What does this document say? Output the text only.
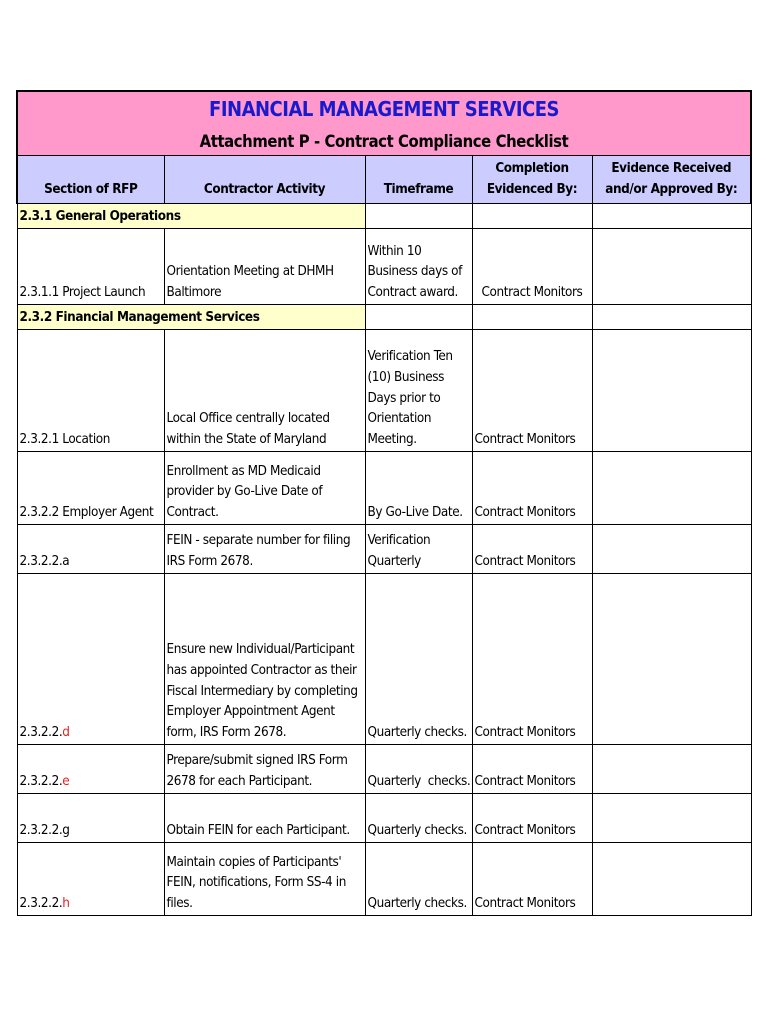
FINANCIAL MANAGEMENT SERVICES				
Attachment P - Contract Compliance Checklist				
Section of RFP	Contractor Activity	Timeframe	Completion Evidenced By:	Evidence Received and/or Approved By:
2.3.1 General Operations				
2.3.1.1 Project Launch	Orientation Meeting at DHMH Baltimore	Within 10 Business days of Contract award.	Contract Monitors	
2.3.2 Financial Management Services				
2.3.2.1 Location	Local Office centrally located within the State of Maryland	Verification Ten (10) Business Days prior to Orientation Meeting.	Contract Monitors	
2.3.2.2 Employer Agent	Enrollment as MD Medicaid provider by Go-Live Date of Contract.	By Go-Live Date.	Contract Monitors	
2.3.2.2.a	FEIN - separate number for filing IRS Form 2678.	Verification Quarterly	Contract Monitors	
2.3.2.2.d	Ensure new Individual/Participant has appointed Contractor as their Fiscal Intermediary by completing Employer Appointment Agent form, IRS Form 2678.	Quarterly checks.	Contract Monitors	
2.3.2.2.e	Prepare/submit signed IRS Form 2678 for each Participant.	Quarterly  checks.	Contract Monitors	
2.3.2.2.g	Obtain FEIN for each Participant.	Quarterly checks.	Contract Monitors	
2.3.2.2.h	Maintain copies of Participants' FEIN, notifications, Form SS-4 in files.	Quarterly checks.	Contract Monitors	
